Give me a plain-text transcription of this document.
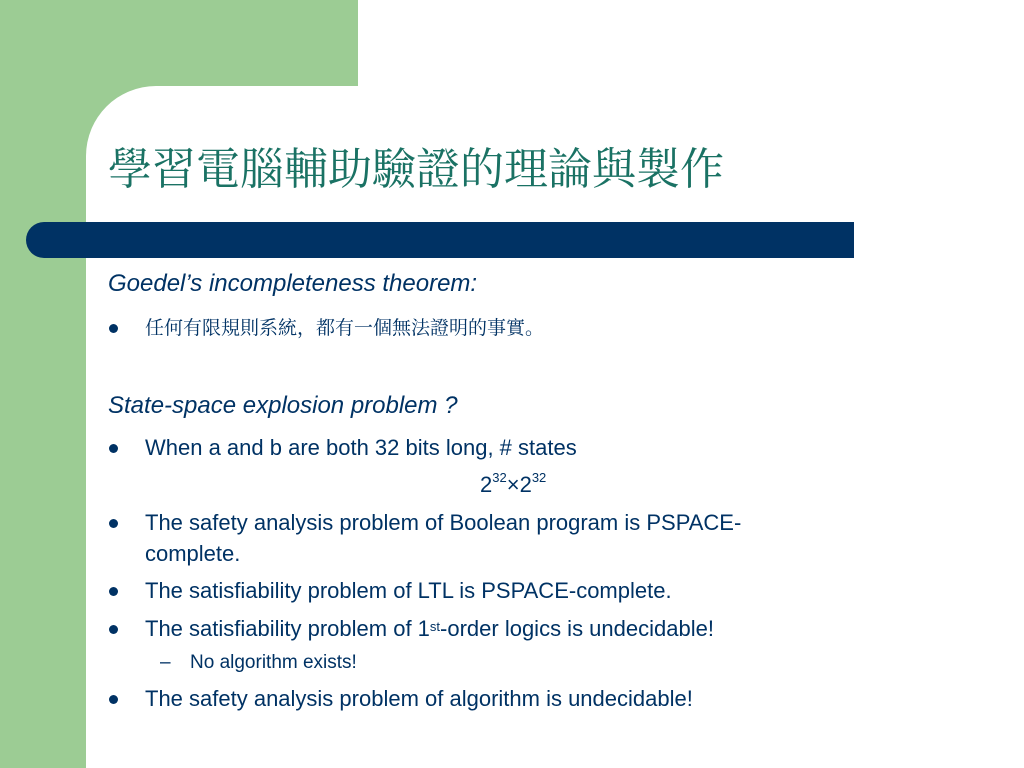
學習電腦輔助驗證的理論與製作
Goedel’s incompleteness theorem:
任何有限規則系統，都有一個無法證明的事實。
State-space explosion problem ?
When a and b are both 32 bits long, # states
$2^{32}\times 2^{32}$
The safety analysis problem of Boolean program is PSPACE-
complete.
The satisfiability problem of LTL is PSPACE-complete.
The satisfiability problem of 1st-order logics is undecidable!
– No algorithm exists!
The safety analysis problem of algorithm is undecidable!
